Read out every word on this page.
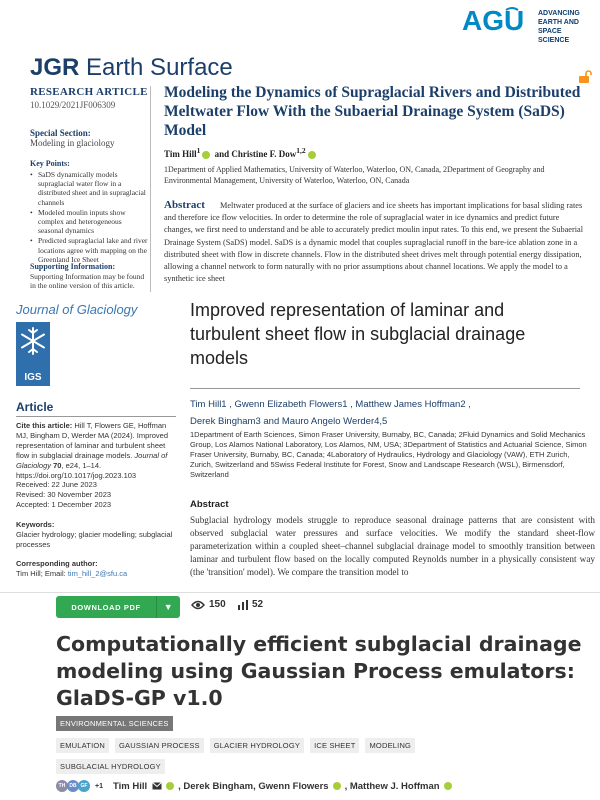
AGU ADVANCING
EARTH AND
SPACE SCIENCE
JGR Earth Surface
RESEARCH ARTICLE
10.1029/2021JF006309
Special Section:
Modeling in glaciology
Key Points:
• SaDS dynamically models supraglacial water flow in a distributed sheet and in supraglacial channels
• Modeled moulin inputs show complex and heterogeneous seasonal dynamics
• Predicted supraglacial lake and river locations agree with mapping on the Greenland Ice Sheet
Supporting Information:
Supporting Information may be found in the online version of this article.
Modeling the Dynamics of Supraglacial Rivers and Distributed Meltwater Flow With the Subaerial Drainage System (SaDS) Model
Tim Hill$^1$ and Christine F. Dow$^{1,2}$
1Department of Applied Mathematics, University of Waterloo, Waterloo, ON, Canada, 2Department of Geography and Environmental Management, University of Waterloo, Waterloo, ON, Canada
Abstract	Meltwater produced at the surface of glaciers and ice sheets has important implications for basal sliding rates and therefore ice flow velocities. In order to determine the role of supraglacial water in ice dynamics and predict future changes, we first need to understand and be able to accurately predict moulin input rates. To this end, we present the Subaerial Drainage System (SaDS) model. SaDS is a dynamic model that couples supraglacial runoff in the bare-ice ablation zone in a distributed sheet with flow in discrete channels. Flow in the distributed sheet drives melt through potential energy dissipation, allowing a channel network to form naturally with no prior assumptions about channel locations. We apply the model to a synthetic ice sheet
Journal of Glaciology
IGS
Article
Cite this article: Hill T, Flowers GE, Hoffman MJ, Bingham D, Werder MA (2024). Improved representation of laminar and turbulent sheet flow in subglacial drainage models. Journal of Glaciology 70, e24, 1–14. https://doi.org/10.1017/jog.2023.103
Received: 22 June 2023
Revised: 30 November 2023
Accepted: 1 December 2023
Keywords:
Glacier hydrology; glacier modelling; subglacial processes
Corresponding author:
Tim Hill; Email: tim_hill_2@sfu.ca
Improved representation of laminar and turbulent sheet flow in subglacial drainage models
Tim Hill1 , Gwenn Elizabeth Flowers1 , Matthew James Hoffman2 ,
Derek Bingham3 and Mauro Angelo Werder4,5
1Department of Earth Sciences, Simon Fraser University, Burnaby, BC, Canada; 2Fluid Dynamics and Solid Mechanics Group, Los Alamos National Laboratory, Los Alamos, NM, USA; 3Department of Statistics and Actuarial Science, Simon Fraser University, Burnaby, BC, Canada; 4Laboratory of Hydraulics, Hydrology and Glaciology (VAW), ETH Zurich, Zurich, Switzerland and 5Swiss Federal Institute for Forest, Snow and Landscape Research (WSL), Birmensdorf, Switzerland
Abstract
Subglacial hydrology models struggle to reproduce seasonal drainage patterns that are consistent with observed subglacial water pressures and surface velocities. We modify the standard sheet-flow parameterization within a coupled sheet–channel subglacial drainage model to smoothly transition between laminar and turbulent flow based on the locally computed Reynolds number in a physically consistent way (the 'transition' model). We compare the transition model to
DOWNLOAD PDF	▼	150	52
Computationally efficient subglacial drainage modeling using Gaussian Process emulators: GlaDS-GP v1.0
ENVIRONMENTAL SCIENCES
EMULATION	GAUSSIAN PROCESS	GLACIER HYDROLOGY	ICE SHEET	MODELING
SUBGLACIAL HYDROLOGY
TH DB GF	+1 Tim Hill	, Derek Bingham, Gwenn Flowers , Matthew J. Hoffman
